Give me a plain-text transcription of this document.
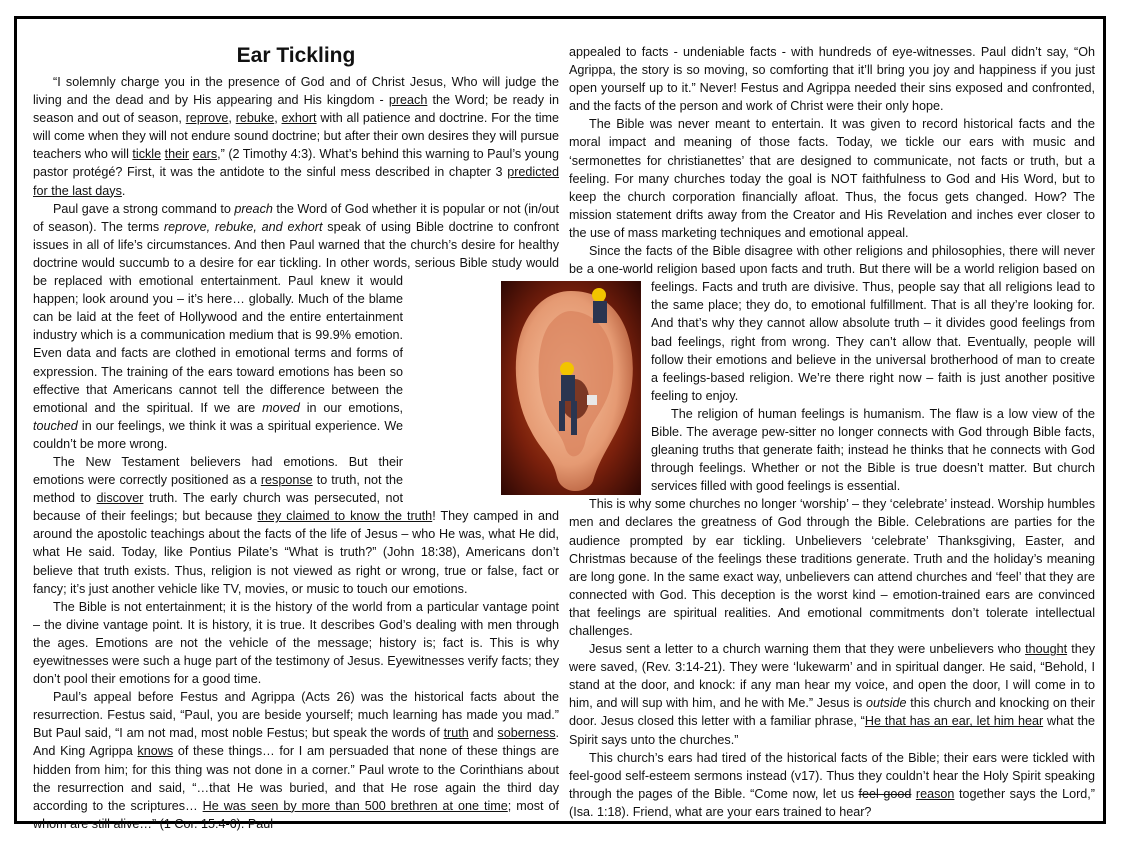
Ear Tickling

“I solemnly charge you in the presence of God and of Christ Jesus, Who will judge the living and the dead and by His appearing and His kingdom - preach the Word; be ready in season and out of season, reprove, rebuke, exhort with all patience and doctrine. For the time will come when they will not endure sound doctrine; but after their own desires they will pursue teachers who will tickle their ears,” (2 Timothy 4:3). What’s behind this warning to Paul’s young pastor protégé? First, it was the antidote to the sinful mess described in chapter 3 predicted for the last days.

Paul gave a strong command to preach the Word of God whether it is popular or not (in/out of season). The terms reprove, rebuke, and exhort speak of using Bible doctrine to confront issues in all of life’s circumstances. And then Paul warned that the church’s desire for healthy doctrine would succumb to a desire for ear tickling. In other words, serious Bible study would be replaced with emotional entertainment. Paul knew it would happen; look around you – it’s here… globally. Much of the blame can be laid at the feet of Hollywood and the entire entertainment industry which is a communication medium that is 99.9% emotion. Even data and facts are clothed in emotional terms and forms of expression. The training of the ears toward emotions has been so effective that Americans cannot tell the difference between the emotional and the spiritual. If we are moved in our emotions, touched in our feelings, we think it was a spiritual experience. We couldn’t be more wrong.

The New Testament believers had emotions. But their emotions were correctly positioned as a response to truth, not the method to discover truth. The early church was persecuted, not because of their feelings; but because they claimed to know the truth! They camped in and around the apostolic teachings about the facts of the life of Jesus – who He was, what He did, what He said. Today, like Pontius Pilate’s “What is truth?” (John 18:38), Americans don’t believe that truth exists. Thus, religion is not viewed as right or wrong, true or false, fact or fancy; it’s just another vehicle like TV, movies, or music to touch our emotions.

The Bible is not entertainment; it is the history of the world from a particular vantage point – the divine vantage point. It is history, it is true. It describes God’s dealing with men through the ages. Emotions are not the vehicle of the message; history is; fact is. This is why eyewitnesses were such a huge part of the testimony of Jesus. Eyewitnesses verify facts; they don’t pool their emotions for a good time.

Paul’s appeal before Festus and Agrippa (Acts 26) was the historical facts about the resurrection. Festus said, “Paul, you are beside yourself; much learning has made you mad.” But Paul said, “I am not mad, most noble Festus; but speak the words of truth and soberness. And King Agrippa knows of these things… for I am persuaded that none of these things are hidden from him; for this thing was not done in a corner.” Paul wrote to the Corinthians about the resurrection and said, “…that He was buried, and that He rose again the third day according to the scriptures… He was seen by more than 500 brethren at one time; most of whom are still alive…” (1 Cor. 15:4-6). Paul

appealed to facts - undeniable facts - with hundreds of eye-witnesses. Paul didn’t say, “Oh Agrippa, the story is so moving, so comforting that it’ll bring you joy and happiness if you just open yourself up to it.” Never! Festus and Agrippa needed their sins exposed and confronted, and the facts of the person and work of Christ were their only hope.

The Bible was never meant to entertain. It was given to record historical facts and the moral impact and meaning of those facts. Today, we tickle our ears with music and ‘sermonettes for christianettes’ that are designed to communicate, not facts or truth, but a feeling. For many churches today the goal is NOT faithfulness to God and His Word, but to keep the church corporation financially afloat. Thus, the focus gets changed. How? The mission statement drifts away from the Creator and His Revelation and inches ever closer to the use of mass marketing techniques and emotional appeal.

Since the facts of the Bible disagree with other religions and philosophies, there will never be a one-world religion based upon facts and truth. But there will be a world religion based on feelings. Facts and truth are divisive. Thus, people say that all religions lead to the same place; they do, to emotional fulfillment. That is all they’re looking for. And that’s why they cannot allow absolute truth – it divides good feelings from bad feelings, right from wrong. They can’t allow that. Eventually, people will follow their emotions and believe in the universal brotherhood of man to create a feelings-based religion. We’re there right now – faith is just another positive feeling to enjoy.

The religion of human feelings is humanism. The flaw is a low view of the Bible. The average pew-sitter no longer connects with God through Bible facts, gleaning truths that generate faith; instead he thinks that he connects with God through feelings. Whether or not the Bible is true doesn’t matter. But church services filled with good feelings is essential.

This is why some churches no longer ‘worship’ – they ‘celebrate’ instead. Worship humbles men and declares the greatness of God through the Bible. Celebrations are parties for the audience prompted by ear tickling. Unbelievers ‘celebrate’ Thanksgiving, Easter, and Christmas because of the feelings these traditions generate. Truth and the holiday’s meaning are long gone. In the same exact way, unbelievers can attend churches and ‘feel’ that they are connected with God. This deception is the worst kind – emotion-trained ears are convinced that feelings are spiritual realities. And emotional commitments don’t tolerate intellectual challenges.

Jesus sent a letter to a church warning them that they were unbelievers who thought they were saved, (Rev. 3:14-21). They were ‘lukewarm’ and in spiritual danger. He said, “Behold, I stand at the door, and knock: if any man hear my voice, and open the door, I will come in to him, and will sup with him, and he with Me.” Jesus is outside this church and knocking on their door. Jesus closed this letter with a familiar phrase, “He that has an ear, let him hear what the Spirit says unto the churches.”

This church’s ears had tired of the historical facts of the Bible; their ears were tickled with feel-good self-esteem sermons instead (v17). Thus they couldn’t hear the Holy Spirit speaking through the pages of the Bible. “Come now, let us feel good reason together says the Lord,” (Isa. 1:18). Friend, what are your ears trained to hear?
